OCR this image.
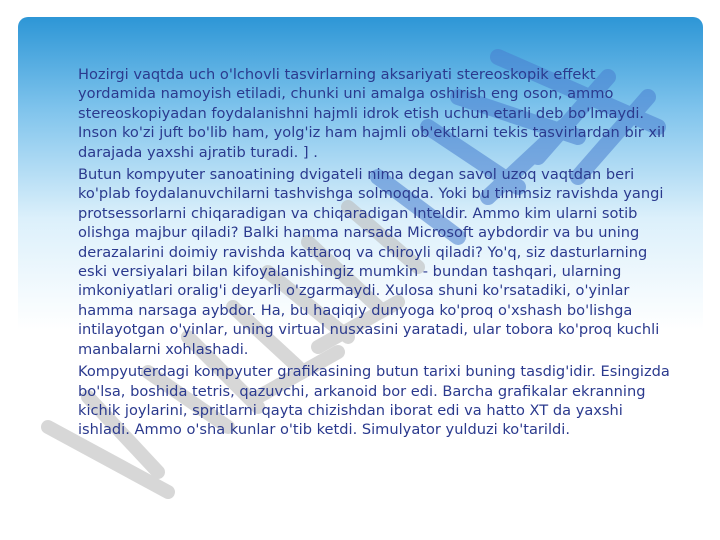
Hozirgi vaqtda uch o'lchovli tasvirlarning aksariyati stereoskopik effekt yordamida namoyish etiladi, chunki uni amalga oshirish eng oson, ammo stereoskopiyadan foydalanishni hajmli idrok etish uchun etarli deb bo'lmaydi. Inson ko'zi juft bo'lib ham, yolg'iz ham hajmli ob'ektlarni tekis tasvirlardan bir xil darajada yaxshi ajratib turadi. ] .

Butun kompyuter sanoatining dvigateli nima degan savol uzoq vaqtdan beri ko'plab foydalanuvchilarni tashvishga solmoqda. Yoki bu tinimsiz ravishda yangi protsessorlarni chiqaradigan va chiqaradigan Inteldir. Ammo kim ularni sotib olishga majbur qiladi? Balki hamma narsada Microsoft aybdordir va bu uning derazalarini doimiy ravishda kattaroq va chiroyli qiladi? Yo'q, siz dasturlarning eski versiyalari bilan kifoyalanishingiz mumkin - bundan tashqari, ularning imkoniyatlari oralig'i deyarli o'zgarmaydi. Xulosa shuni ko'rsatadiki, o'yinlar hamma narsaga aybdor. Ha, bu haqiqiy dunyoga ko'proq o'xshash bo'lishga intilayotgan o'yinlar, uning virtual nusxasini yaratadi, ular tobora ko'proq kuchli manbalarni xohlashadi.

Kompyuterdagi kompyuter grafikasining butun tarixi buning tasdig'idir. Esingizda bo'lsa, boshida tetris, qazuvchi, arkanoid bor edi. Barcha grafikalar ekranning kichik joylarini, spritlarni qayta chizishdan iborat edi va hatto XT da yaxshi ishladi. Ammo o'sha kunlar o'tib ketdi. Simulyator yulduzi ko'tarildi.
